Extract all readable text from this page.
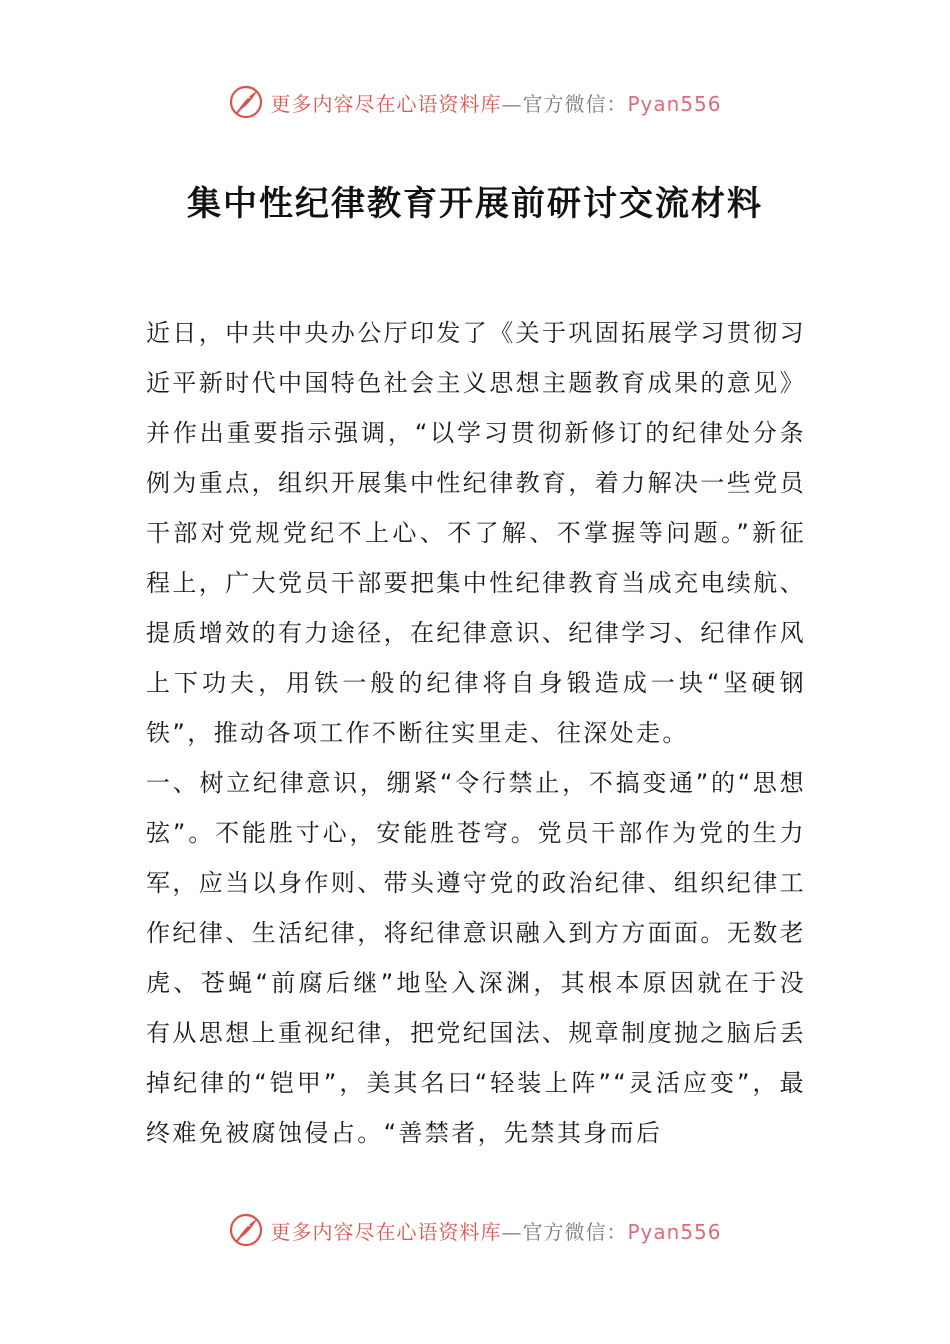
更多内容尽在心语资料库—官方微信：Pyan556
集中性纪律教育开展前研讨交流材料

近日，中共中央办公厅印发了《关于巩固拓展学习贯彻习近平新时代中国特色社会主义思想主题教育成果的意见》并作出重要指示强调，“以学习贯彻新修订的纪律处分条例为重点，组织开展集中性纪律教育，着力解决一些党员干部对党规党纪不上心、不了解、不掌握等问题。”新征程上，广大党员干部要把集中性纪律教育当成充电续航、提质增效的有力途径，在纪律意识、纪律学习、纪律作风上下功夫，用铁一般的纪律将自身锻造成一块“坚硬钢铁”，推动各项工作不断往实里走、往深处走。

一、树立纪律意识，绷紧“令行禁止，不搞变通”的“思想弦”。不能胜寸心，安能胜苍穹。党员干部作为党的生力军，应当以身作则、带头遵守党的政治纪律、组织纪律工作纪律、生活纪律，将纪律意识融入到方方面面。无数老虎、苍蝇“前腐后继”地坠入深渊，其根本原因就在于没有从思想上重视纪律，把党纪国法、规章制度抛之脑后丢掉纪律的“铠甲”，美其名曰“轻装上阵”“灵活应变”，最终难免被腐蚀侵占。“善禁者，先禁其身而后

更多内容尽在心语资料库—官方微信：Pyan556
